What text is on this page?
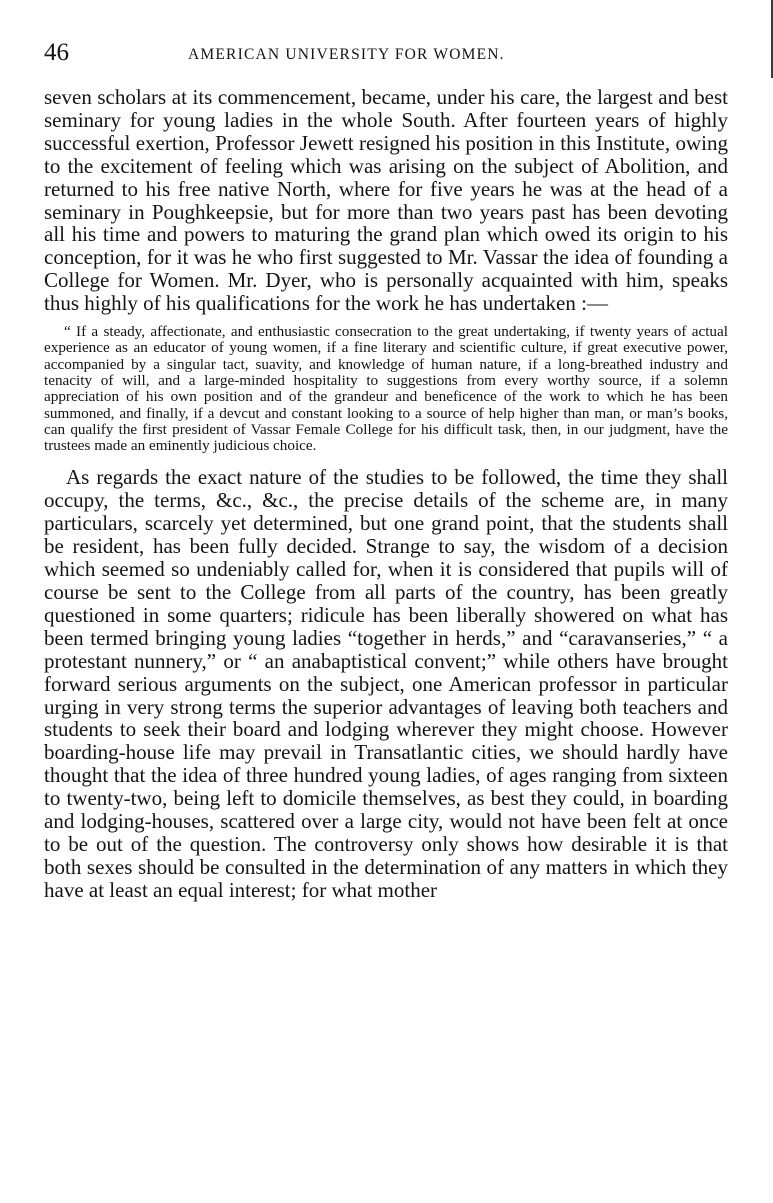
46	AMERICAN UNIVERSITY FOR WOMEN.

seven scholars at its commencement, became, under his care, the largest and best seminary for young ladies in the whole South. After fourteen years of highly successful exertion, Professor Jewett resigned his position in this Institute, owing to the excitement of feeling which was arising on the subject of Abolition, and returned to his free native North, where for five years he was at the head of a seminary in Poughkeepsie, but for more than two years past has been devoting all his time and powers to maturing the grand plan which owed its origin to his conception, for it was he who first suggested to Mr. Vassar the idea of founding a College for Women. Mr. Dyer, who is personally acquainted with him, speaks thus highly of his qualifications for the work he has undertaken :—

“ If a steady, affectionate, and enthusiastic consecration to the great undertaking, if twenty years of actual experience as an educator of young women, if a fine literary and scientific culture, if great executive power, accompanied by a singular tact, suavity, and knowledge of human nature, if a long-breathed industry and tenacity of will, and a large-minded hospitality to suggestions from every worthy source, if a solemn appreciation of his own position and of the grandeur and beneficence of the work to which he has been summoned, and finally, if a devcut and constant looking to a source of help higher than man, or man’s books, can qualify the first president of Vassar Female College for his difficult task, then, in our judgment, have the trustees made an eminently judicious choice.

As regards the exact nature of the studies to be followed, the time they shall occupy, the terms, &c., &c., the precise details of the scheme are, in many particulars, scarcely yet determined, but one grand point, that the students shall be resident, has been fully decided. Strange to say, the wisdom of a decision which seemed so undeniably called for, when it is considered that pupils will of course be sent to the College from all parts of the country, has been greatly questioned in some quarters; ridicule has been liberally showered on what has been termed bringing young ladies “together in herds,” and “caravanseries,” “ a protestant nunnery,” or “ an anabaptistical convent;” while others have brought forward serious arguments on the subject, one American professor in particular urging in very strong terms the superior advantages of leaving both teachers and students to seek their board and lodging wherever they might choose. However boarding-house life may prevail in Transatlantic cities, we should hardly have thought that the idea of three hundred young ladies, of ages ranging from sixteen to twenty-two, being left to domicile themselves, as best they could, in boarding and lodging-houses, scattered over a large city, would not have been felt at once to be out of the question. The controversy only shows how desirable it is that both sexes should be consulted in the determination of any matters in which they have at least an equal interest; for what mother
